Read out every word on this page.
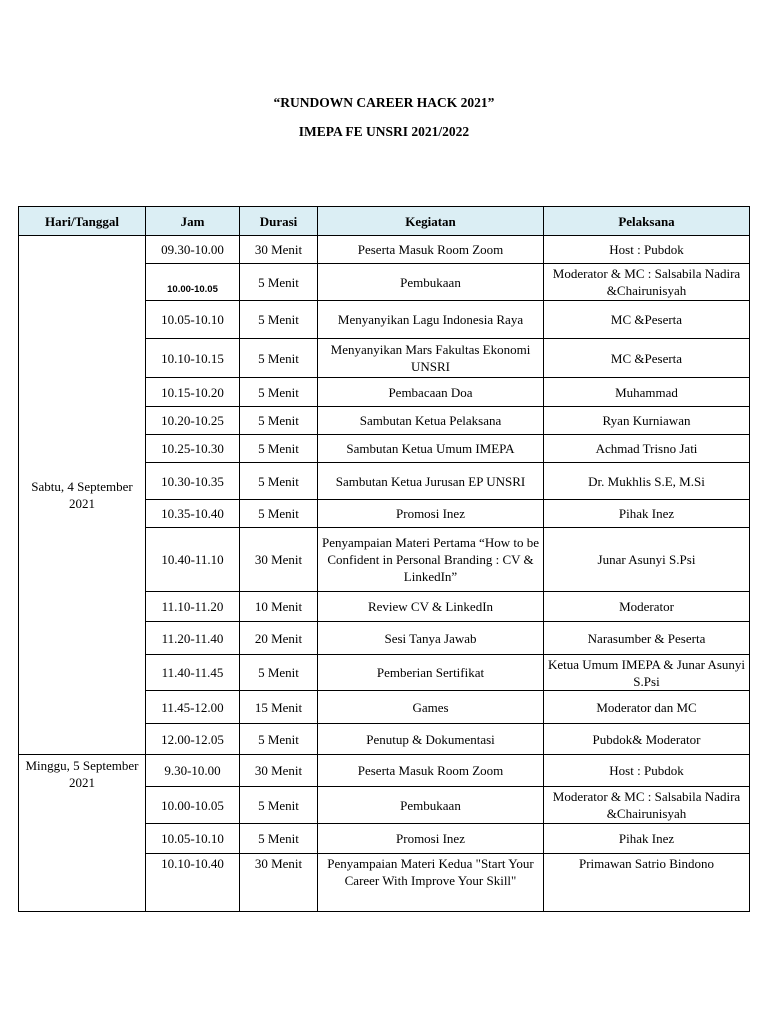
“RUNDOWN CAREER HACK 2021”
IMEPA FE UNSRI 2021/2022
Hari/Tanggal	Jam	Durasi	Kegiatan	Pelaksana
Sabtu, 4 September 2021	09.30-10.00	30 Menit	Peserta Masuk Room Zoom	Host : Pubdok
	$_{10.00-10.05}$	5 Menit	Pembukaan	Moderator & MC : Salsabila Nadira &Chairunisyah
	10.05-10.10	5 Menit	Menyanyikan Lagu Indonesia Raya	MC &Peserta
	10.10-10.15	5 Menit	Menyanyikan Mars Fakultas Ekonomi UNSRI	MC &Peserta
	10.15-10.20	5 Menit	Pembacaan Doa	Muhammad
	10.20-10.25	5 Menit	Sambutan Ketua Pelaksana	Ryan Kurniawan
	10.25-10.30	5 Menit	Sambutan Ketua Umum IMEPA	Achmad Trisno Jati
	10.30-10.35	5 Menit	Sambutan Ketua Jurusan EP UNSRI	Dr. Mukhlis S.E, M.Si
	10.35-10.40	5 Menit	Promosi Inez	Pihak Inez
	10.40-11.10	30 Menit	Penyampaian Materi Pertama “How to be Confident in Personal Branding : CV & LinkedIn”	Junar Asunyi S.Psi
	11.10-11.20	10 Menit	Review CV & LinkedIn	Moderator
	11.20-11.40	20 Menit	Sesi Tanya Jawab	Narasumber & Peserta
	11.40-11.45	5 Menit	Pemberian Sertifikat	Ketua Umum IMEPA & Junar Asunyi S.Psi
	11.45-12.00	15 Menit	Games	Moderator dan MC
	12.00-12.05	5 Menit	Penutup & Dokumentasi	Pubdok& Moderator
Minggu, 5 September 2021	9.30-10.00	30 Menit	Peserta Masuk Room Zoom	Host : Pubdok
	10.00-10.05	5 Menit	Pembukaan	Moderator & MC : Salsabila Nadira &Chairunisyah
	10.05-10.10	5 Menit	Promosi Inez	Pihak Inez
	10.10-10.40	30 Menit	Penyampaian Materi Kedua "Start Your Career With Improve Your Skill"	Primawan Satrio Bindono
